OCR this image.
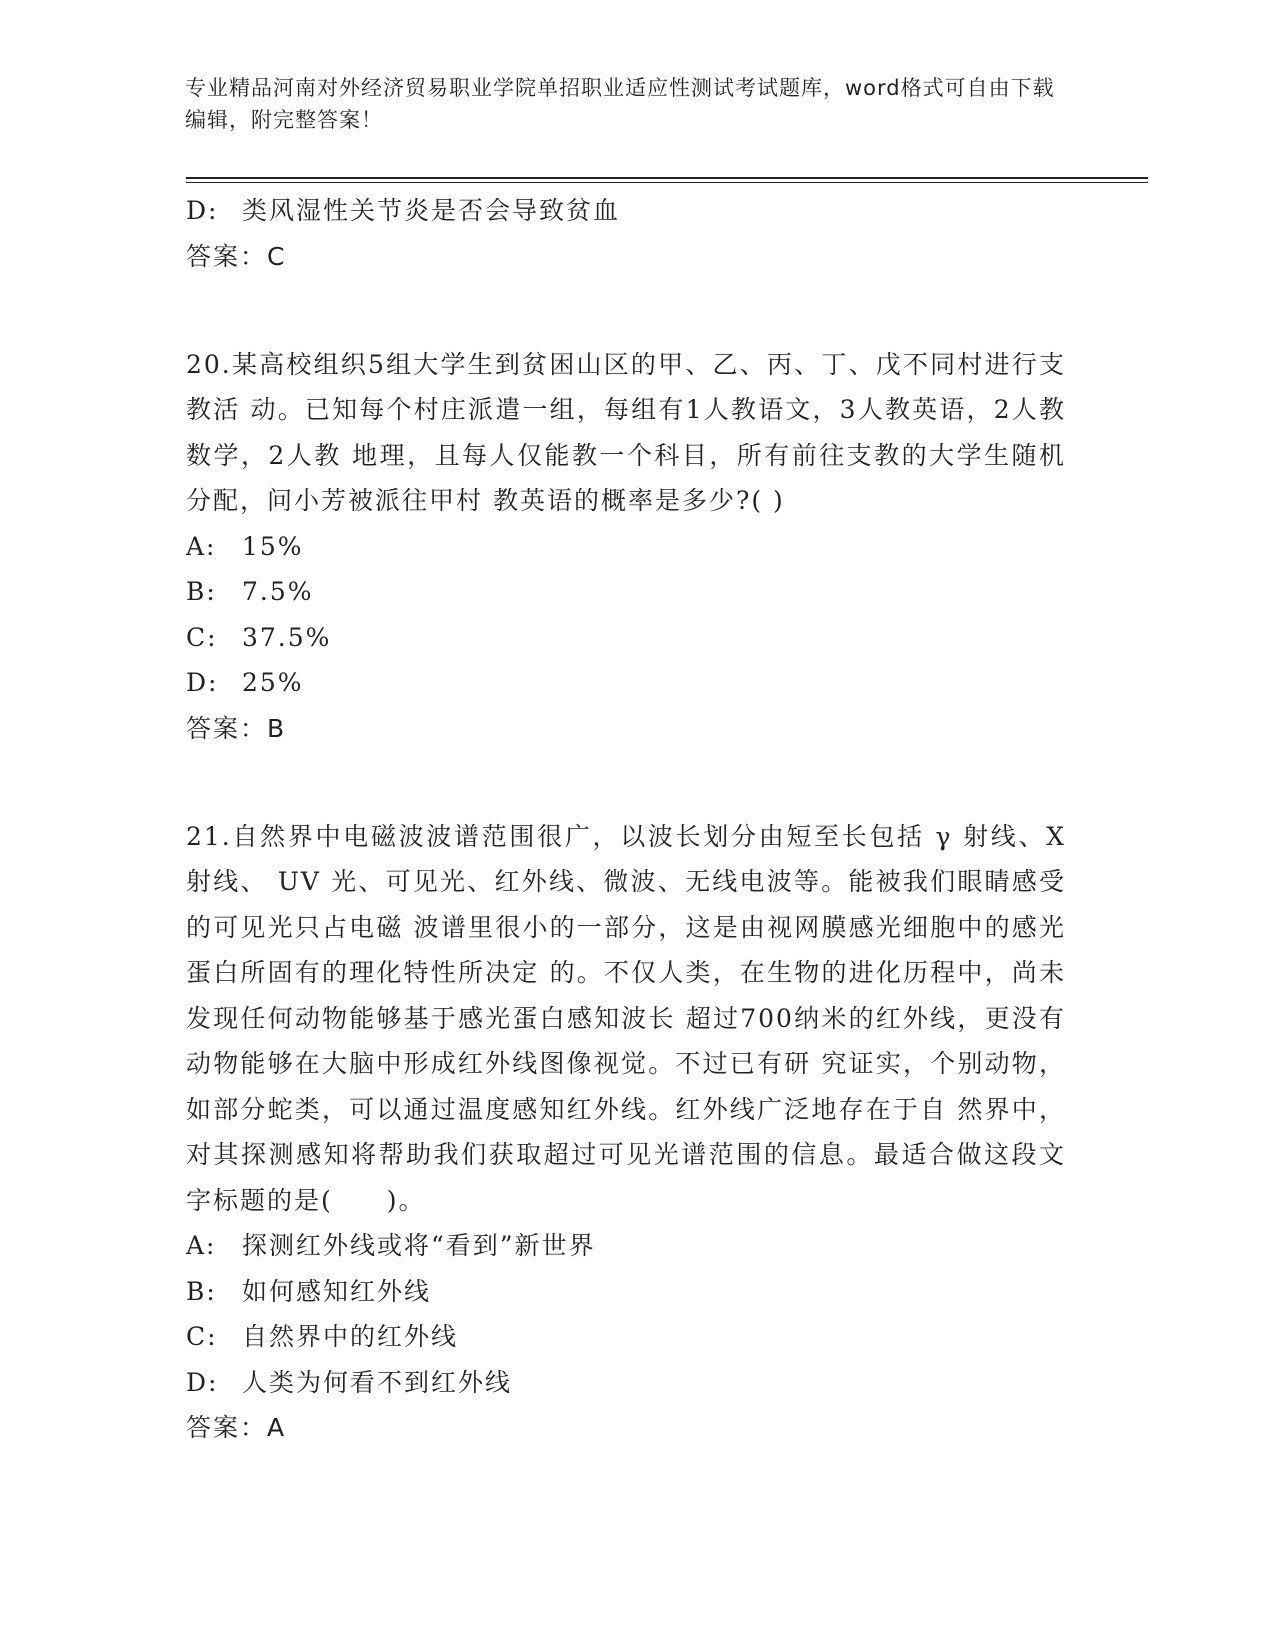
专业精品河南对外经济贸易职业学院单招职业适应性测试考试题库，word格式可自由下载编辑，附完整答案！
D: 类风湿性关节炎是否会导致贫血
答案：C
20.某高校组织5组大学生到贫困山区的甲、乙、丙、丁、戊不同村进行支教活 动。已知每个村庄派遣一组，每组有1人教语文，3人教英语，2人教数学，2人教 地理，且每人仅能教一个科目，所有前往支教的大学生随机分配，问小芳被派往甲村 教英语的概率是多少?( )
A: 15%
B: 7.5%
C: 37.5%
D: 25%
答案：B
21.自然界中电磁波波谱范围很广，以波长划分由短至长包括 γ 射线、X 射线、 UV 光、可见光、红外线、微波、无线电波等。能被我们眼睛感受的可见光只占电磁 波谱里很小的一部分，这是由视网膜感光细胞中的感光蛋白所固有的理化特性所决定 的。不仅人类，在生物的进化历程中，尚未发现任何动物能够基于感光蛋白感知波长 超过700纳米的红外线，更没有动物能够在大脑中形成红外线图像视觉。不过已有研 究证实，个别动物，如部分蛇类，可以通过温度感知红外线。红外线广泛地存在于自 然界中，对其探测感知将帮助我们获取超过可见光谱范围的信息。最适合做这段文字标题的是(　　)。
A: 探测红外线或将“看到”新世界
B: 如何感知红外线
C: 自然界中的红外线
D: 人类为何看不到红外线
答案：A
